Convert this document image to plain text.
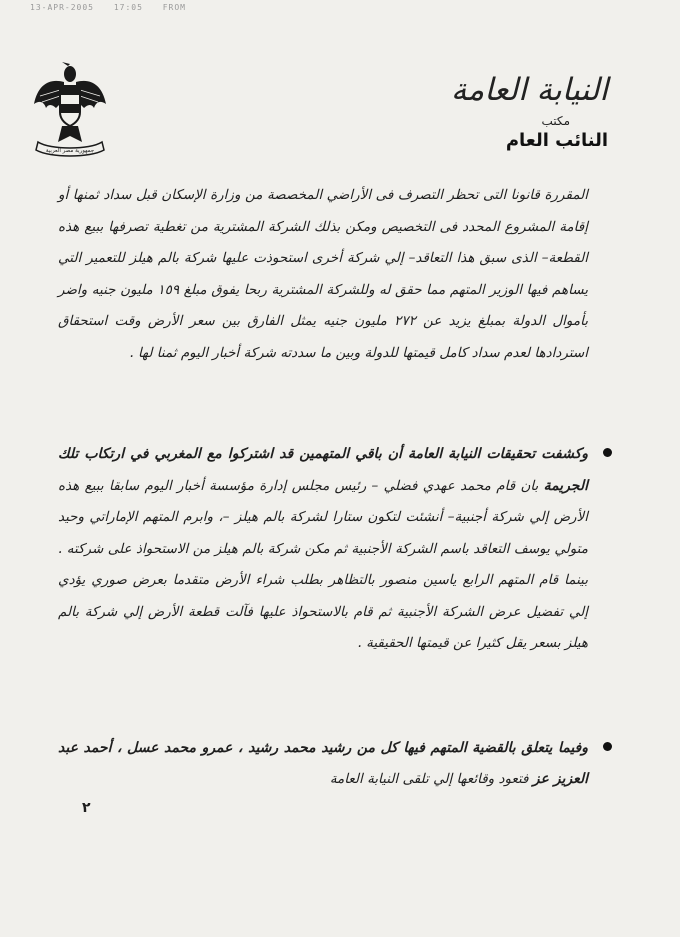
13-APR-2005 17:05 FROM
جمهورية مصر العربية
النيابة العامة
مكتب
النائب العام

المقررة قانونا التى تحظر التصرف فى الأراضي المخصصة من وزارة الإسكان قبل سداد ثمنها أو إقامة المشروع المحدد فى التخصيص ومكن بذلك الشركة المشترية من تغطية تصرفها ببيع هذه القطعة– الذى سبق هذا التعاقد– إلي شركة أخرى استحوذت عليها شركة بالم هيلز للتعمير التي يساهم فيها الوزير المتهم مما حقق له وللشركة المشترية ربحا يفوق مبلغ ١٥٩ مليون جنيه واضر بأموال الدولة بمبلغ يزيد عن ٢٧٢ مليون جنيه يمثل الفارق بين سعر الأرض وقت استحقاق استردادها لعدم سداد كامل قيمتها للدولة وبين ما سددته شركة أخبار اليوم ثمنا لها .

وكشفت تحقيقات النيابة العامة أن باقي المتهمين قد اشتركوا مع المغربي في ارتكاب تلك الجريمة بان قام محمد عهدي فضلي – رئيس مجلس إدارة مؤسسة أخبار اليوم سابقا ببيع هذه الأرض إلي شركة أجنبية– أنشئت لتكون ستارا لشركة بالم هيلز –، وابرم المتهم الإماراتي وحيد متولي يوسف التعاقد باسم الشركة الأجنبية ثم مكن شركة بالم هيلز من الاستحواذ على شركته . بينما قام المتهم الرابع ياسين منصور بالتظاهر بطلب شراء الأرض متقدما بعرض صوري يؤدي إلي تفضيل عرض الشركة الأجنبية ثم قام بالاستحواذ عليها فآلت قطعة الأرض إلي شركة بالم هيلز بسعر يقل كثيرا عن قيمتها الحقيقية .
وفيما يتعلق بالقضية المتهم فيها كل من رشيد محمد رشيد ، عمرو محمد عسل ، أحمد عبد العزيز عز فتعود وقائعها إلي تلقى النيابة العامة
٢
